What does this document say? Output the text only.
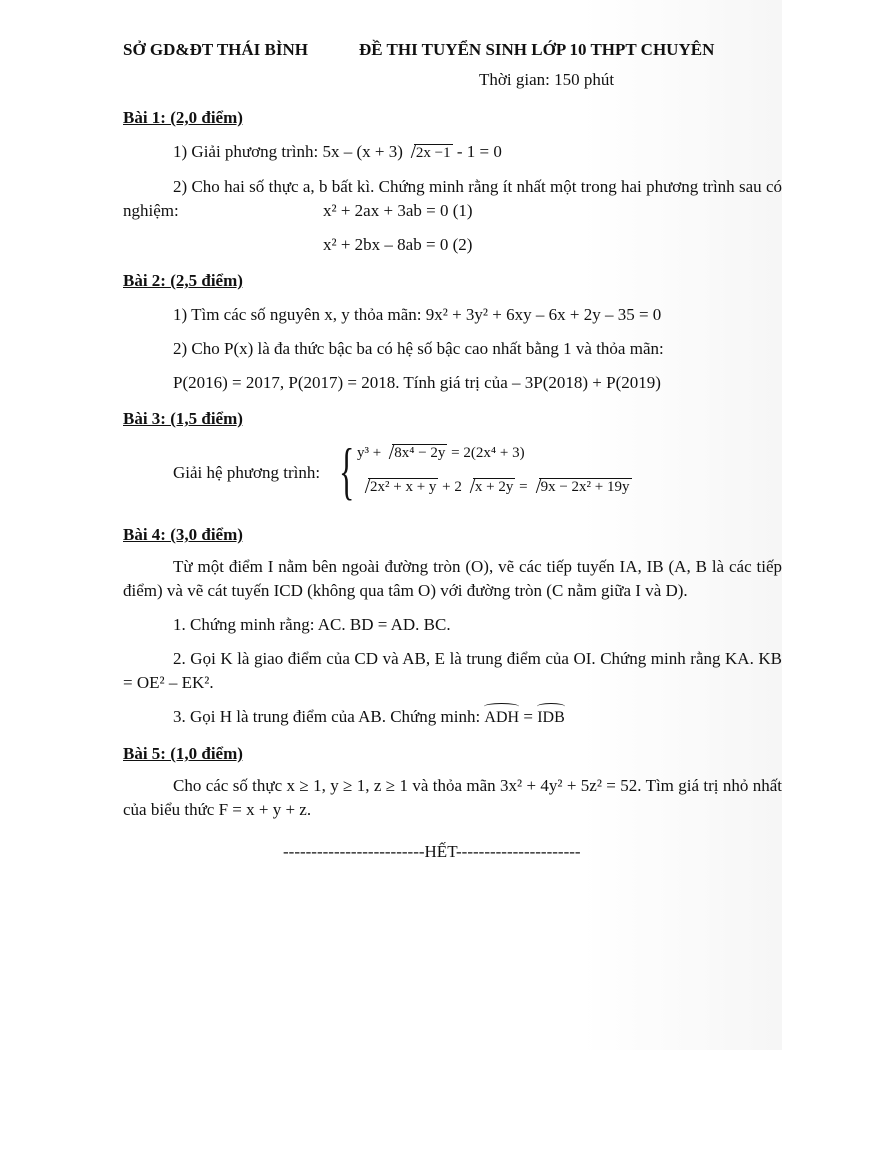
SỞ GD&ĐT THÁI BÌNH	ĐỀ THI TUYỂN SINH LỚP 10 THPT CHUYÊN
Thời gian: 150 phút
Bài 1: (2,0 điểm)
1) Giải phương trình: 5x – (x + 3) 2x −1 - 1 = 0
2) Cho hai số thực a, b bất kì. Chứng minh rằng ít nhất một trong hai phương trình sau có nghiệm:	x² + 2ax + 3ab = 0 (1)
x² + 2bx – 8ab = 0 (2)
Bài 2: (2,5 điểm)
1) Tìm các số nguyên x, y thỏa mãn: 9x² + 3y² + 6xy – 6x + 2y – 35 = 0
2) Cho P(x) là đa thức bậc ba có hệ số bậc cao nhất bằng 1 và thỏa mãn:
P(2016) = 2017, P(2017) = 2018. Tính giá trị của – 3P(2018) + P(2019)
Bài 3: (1,5 điểm)
Giải hệ phương trình: { y³ + 8x⁴ − 2y = 2(2x⁴ + 3)
2x² + x + y + 2 x + 2y = 9x − 2x² + 19y
Bài 4: (3,0 điểm)
Từ một điểm I nằm bên ngoài đường tròn (O), vẽ các tiếp tuyến IA, IB (A, B là các tiếp điểm) và vẽ cát tuyến ICD (không qua tâm O) với đường tròn (C nằm giữa I và D).
1. Chứng minh rằng: AC. BD = AD. BC.
2. Gọi K là giao điểm của CD và AB, E là trung điểm của OI. Chứng minh rằng KA. KB = OE² – EK².
3. Gọi H là trung điểm của AB. Chứng minh: ADH = IDB
Bài 5: (1,0 điểm)
Cho các số thực x ≥ 1, y ≥ 1, z ≥ 1 và thỏa mãn 3x² + 4y² + 5z² = 52. Tìm giá trị nhỏ nhất của biểu thức F = x + y + z.
-------------------------HẾT----------------------
